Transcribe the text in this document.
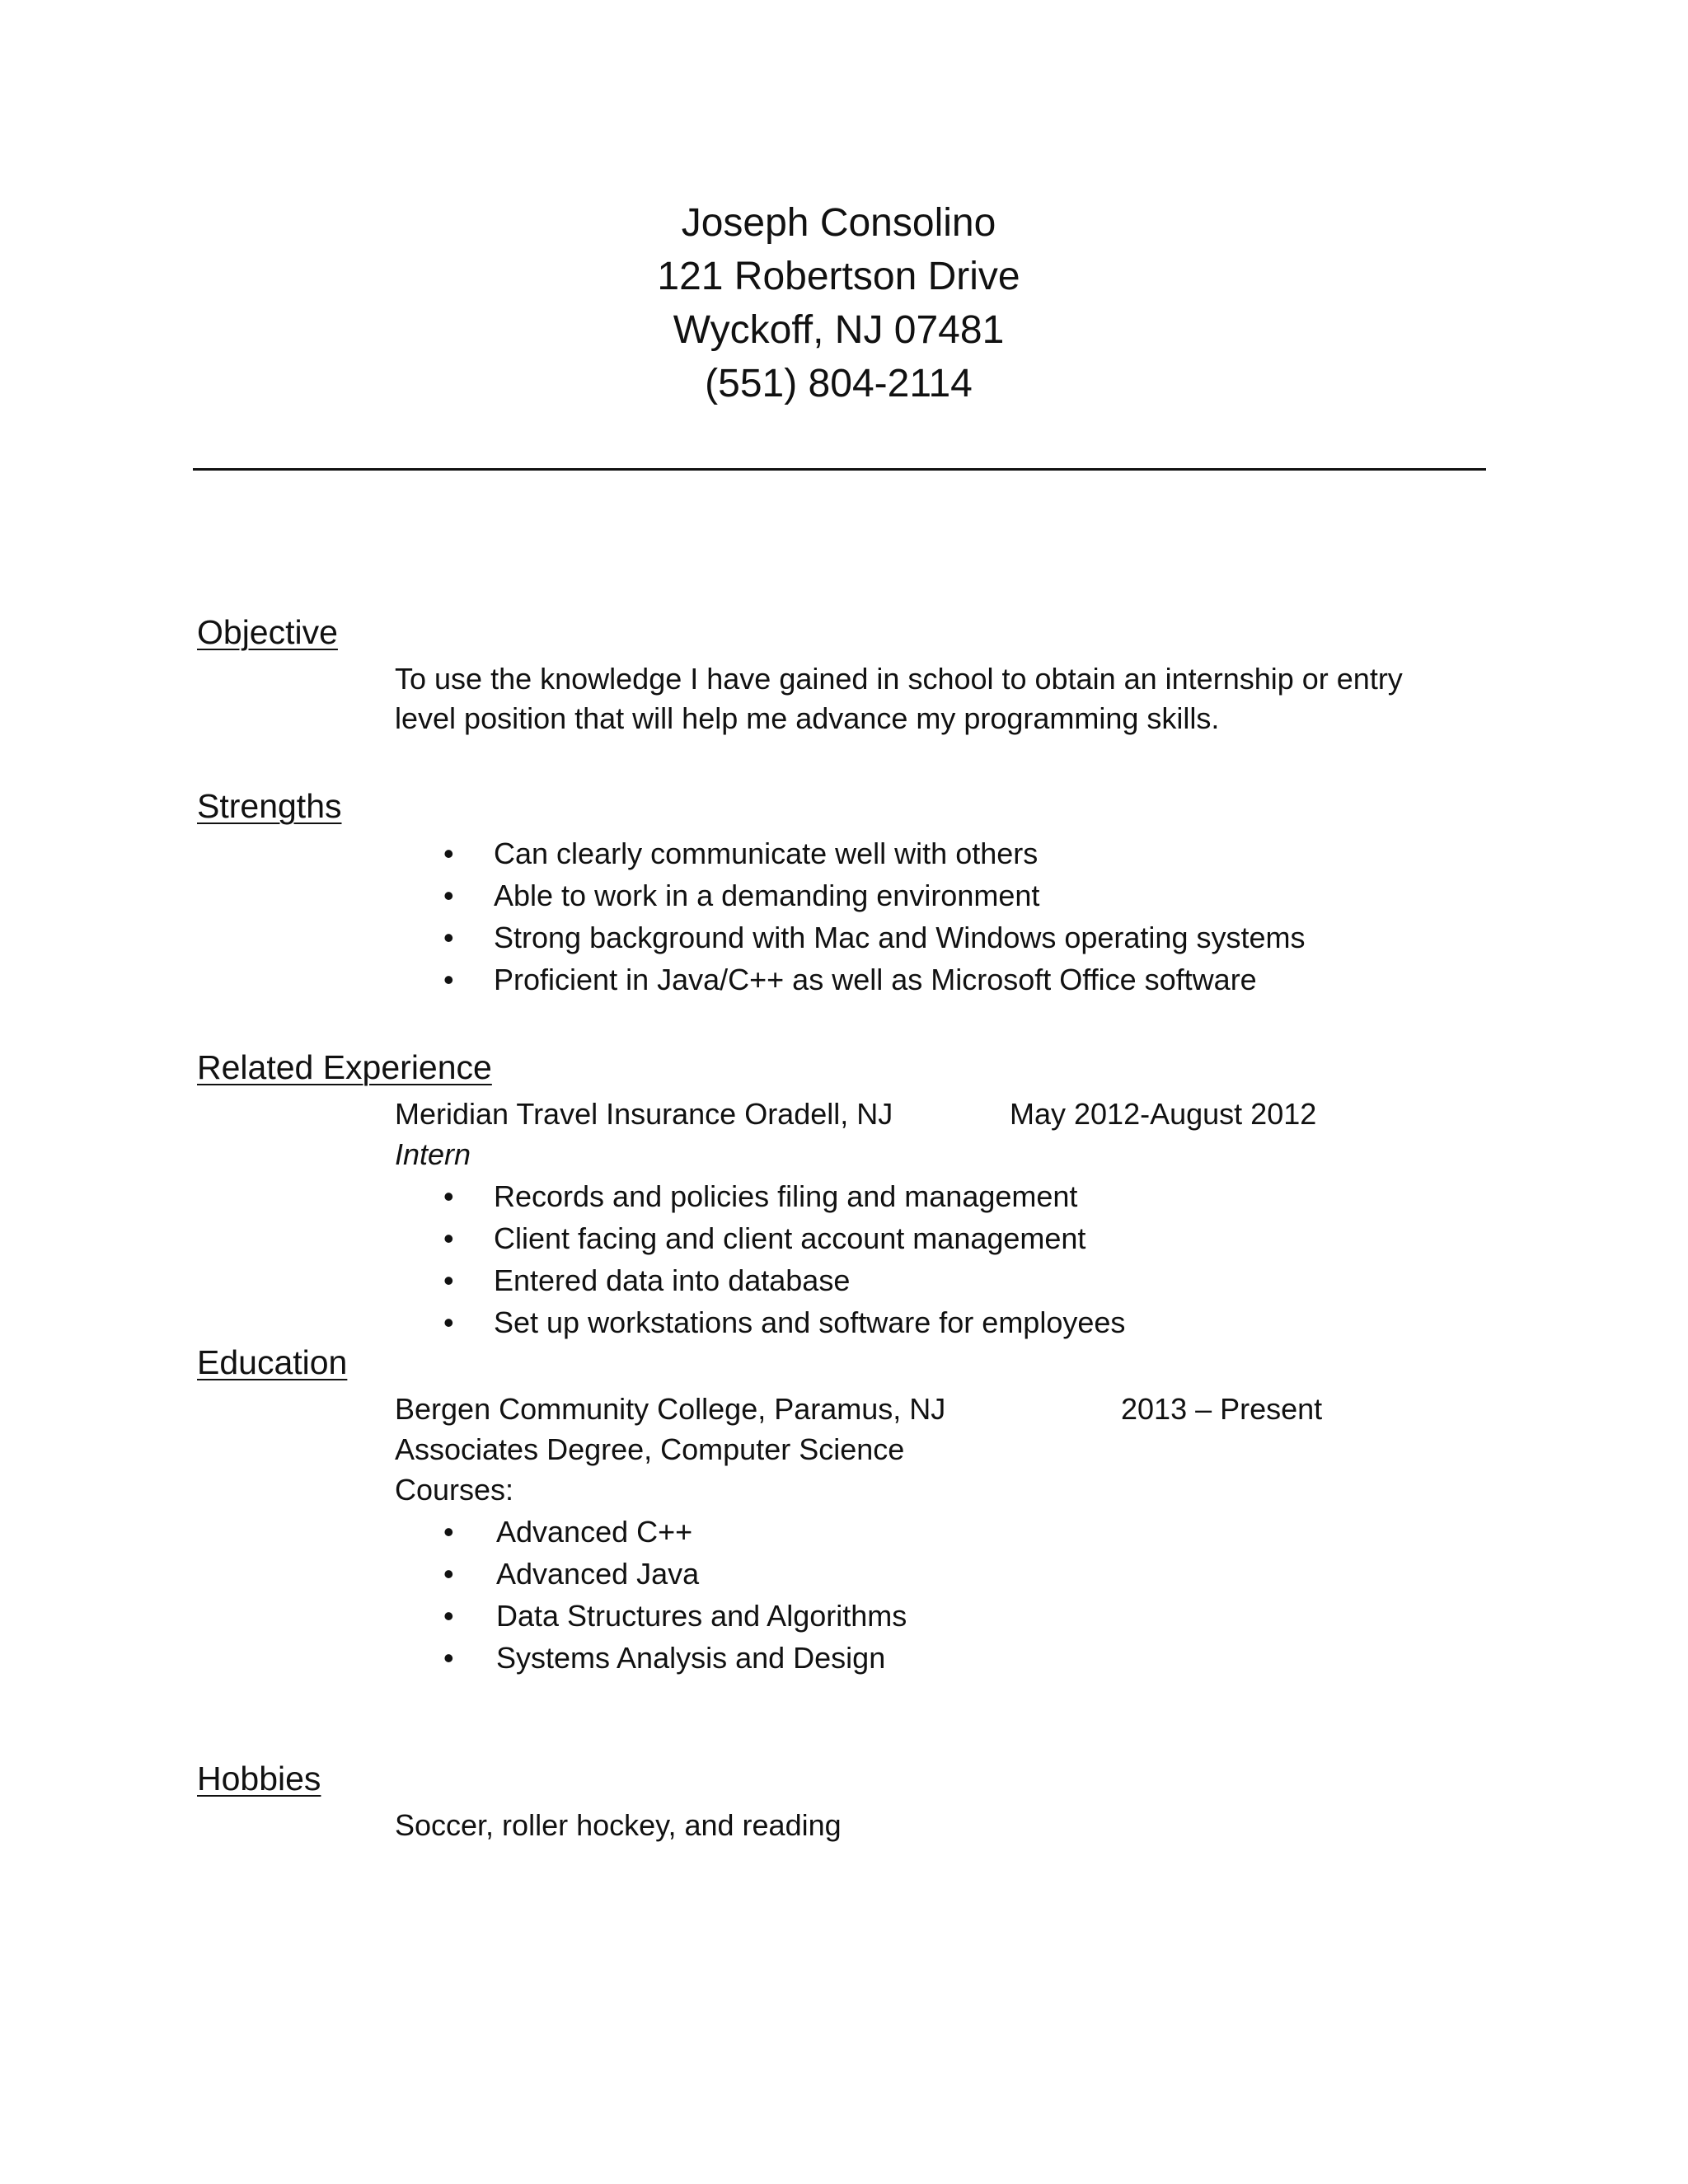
Joseph Consolino
121 Robertson Drive
Wyckoff, NJ 07481
(551) 804-2114
Objective
To use the knowledge I have gained in school to obtain an internship or entry
level position that will help me advance my programming skills.
Strengths
• Can clearly communicate well with others
• Able to work in a demanding environment
• Strong background with Mac and Windows operating systems
• Proficient in Java/C++ as well as Microsoft Office software
Related Experience
Meridian Travel Insurance Oradell, NJ	May 2012-August 2012
Intern
• Records and policies filing and management
• Client facing and client account management
• Entered data into database
• Set up workstations and software for employees
Education
Bergen Community College, Paramus, NJ	2013 – Present
Associates Degree, Computer Science
Courses:
• Advanced C++
• Advanced Java
• Data Structures and Algorithms
• Systems Analysis and Design
Hobbies
Soccer, roller hockey, and reading
